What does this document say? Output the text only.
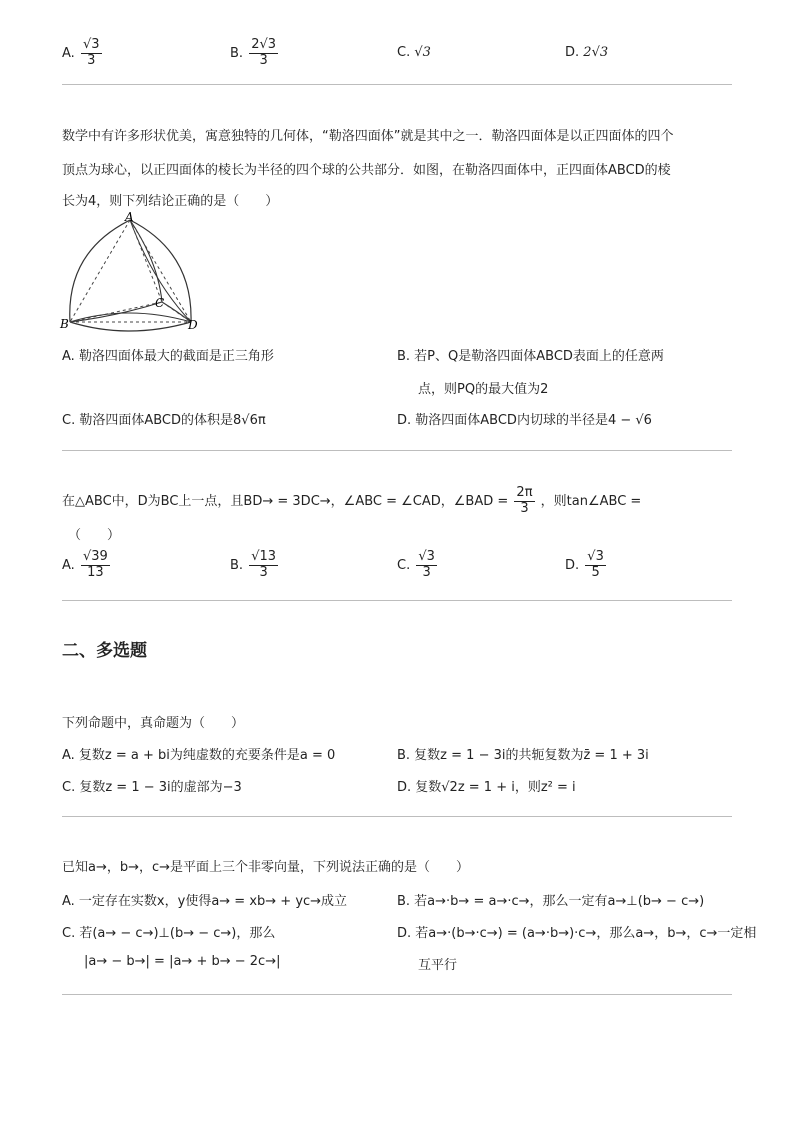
A. $\frac{√3}{3}$	B. $\frac{2√3}{3}$	C. √3	D. 2√3
数学中有许多形状优美，寓意独特的几何体，“勒洛四面体”就是其中之一．勒洛四面体是以正四面体的四个
顶点为球心，以正四面体的棱长为半径的四个球的公共部分．如图，在勒洛四面体中，正四面体ABCD的棱
长为4，则下列结论正确的是（　　）
A
B
C
D
A. 勒洛四面体最大的截面是正三角形	B. 若P、Q是勒洛四面体ABCD表面上的任意两
点，则PQ的最大值为2
C. 勒洛四面体ABCD的体积是8√6π	D. 勒洛四面体ABCD内切球的半径是4 − √6
在△ABC中，D为BC上一点，且BD→ = 3DC→，∠ABC = ∠CAD，∠BAD = $\frac{2\pi}{3}$ ，则tan∠ABC =
（　　）
A. $\frac{√39}{13}$	B. $\frac{√13}{3}$	C. $\frac{√3}{3}$	D. $\frac{√3}{5}$
二、多选题
下列命题中，真命题为（　　）
A. 复数z = a + bi为纯虚数的充要条件是a = 0	B. 复数z = 1 − 3i的共轭复数为z̄ = 1 + 3i
C. 复数z = 1 − 3i的虚部为−3	D. 复数√2z = 1 + i，则z² = i
已知a→，b→，c→是平面上三个非零向量，下列说法正确的是（　　）
A. 一定存在实数x，y使得a→ = xb→ + yc→成立	B. 若a→·b→ = a→·c→，那么一定有a→⊥(b→ − c→)
C. 若(a→ − c→)⊥(b→ − c→)，那么
|a→ − b→| = |a→ + b→ − 2c→|
D. 若a→·(b→·c→) = (a→·b→)·c→，那么a→，b→，c→一定相
互平行
